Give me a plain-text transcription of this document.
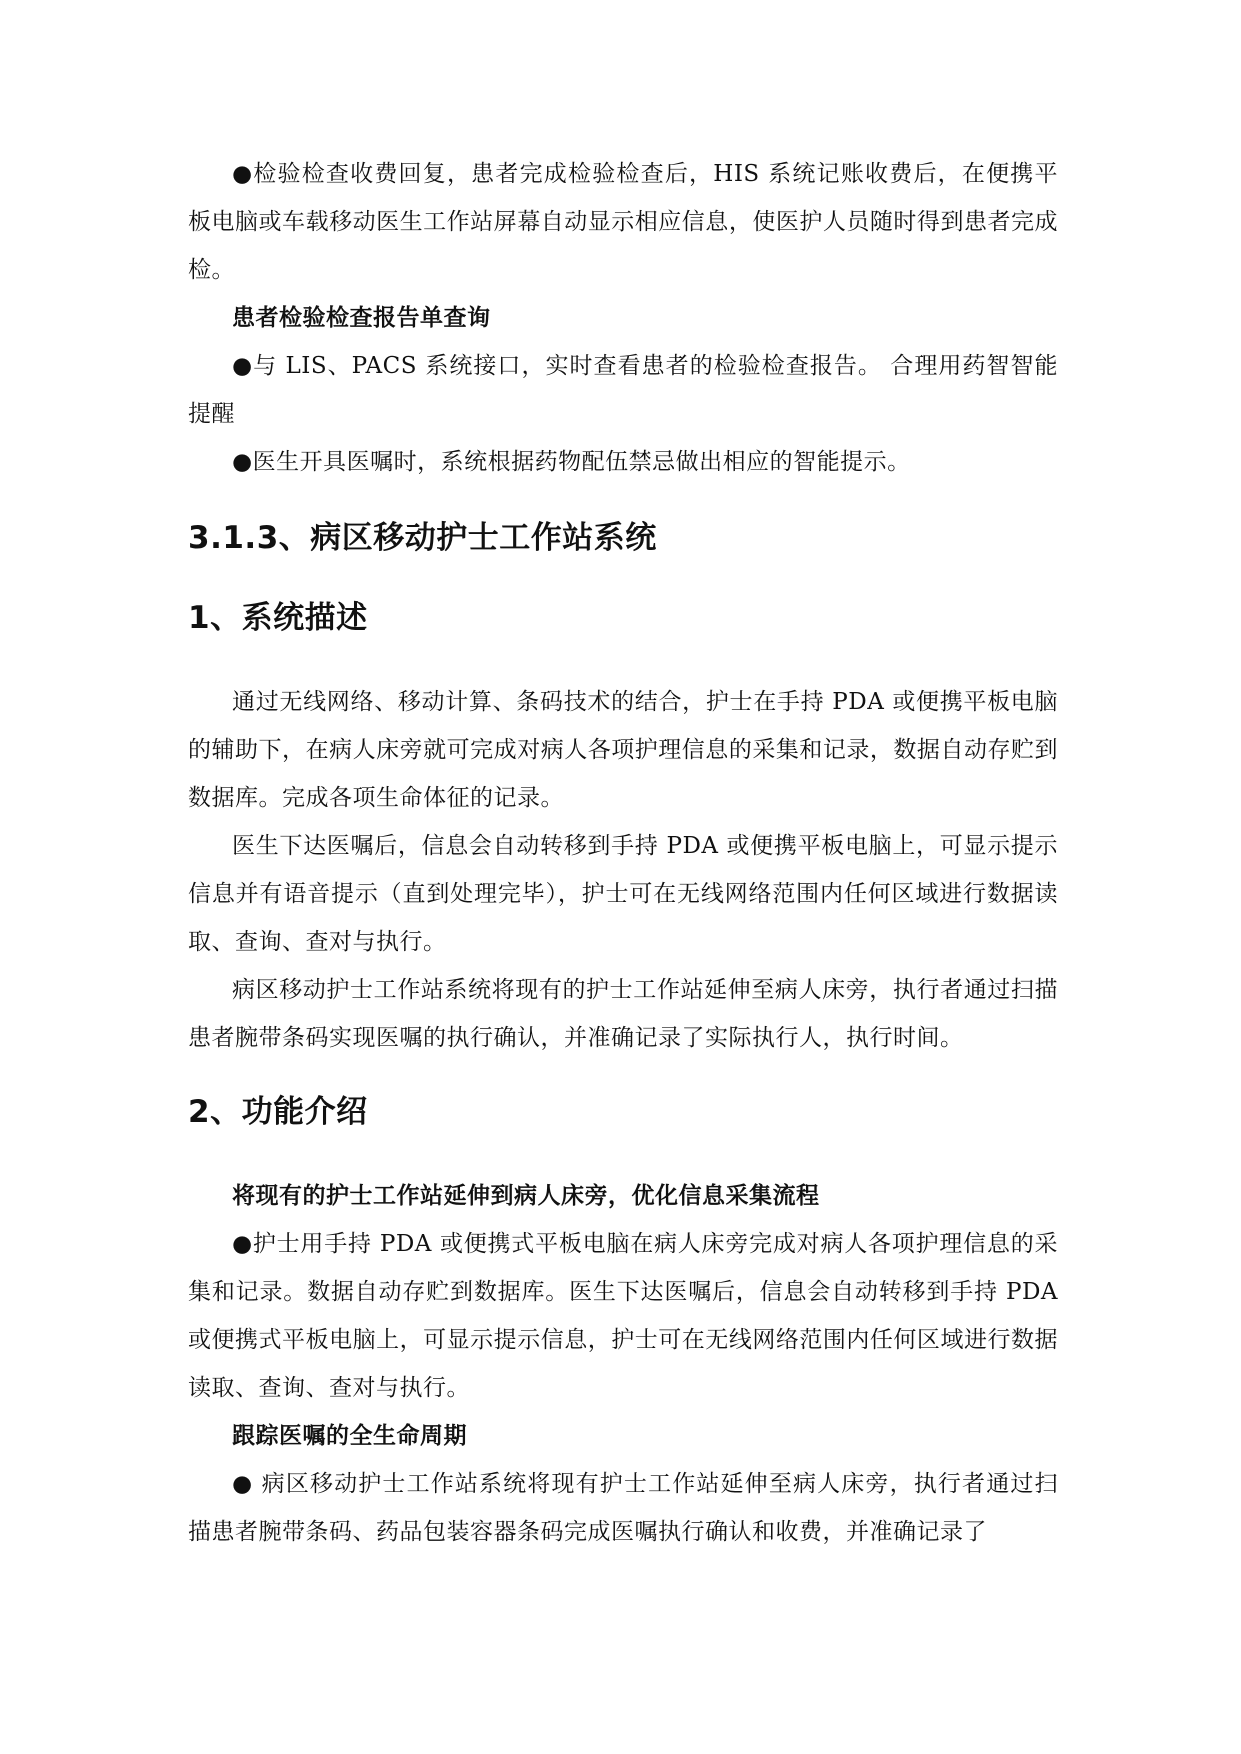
●检验检查收费回复，患者完成检验检查后，HIS 系统记账收费后，在便携平板电脑或车载移动医生工作站屏幕自动显示相应信息，使医护人员随时得到患者完成检。

患者检验检查报告单查询

●与 LIS、PACS 系统接口，实时查看患者的检验检查报告。 合理用药智智能提醒

●医生开具医嘱时，系统根据药物配伍禁忌做出相应的智能提示。

3.1.3、病区移动护士工作站系统
1、系统描述

通过无线网络、移动计算、条码技术的结合，护士在手持 PDA 或便携平板电脑的辅助下，在病人床旁就可完成对病人各项护理信息的采集和记录，数据自动存贮到数据库。完成各项生命体征的记录。

医生下达医嘱后，信息会自动转移到手持 PDA 或便携平板电脑上，可显示提示信息并有语音提示（直到处理完毕），护士可在无线网络范围内任何区域进行数据读取、查询、查对与执行。

病区移动护士工作站系统将现有的护士工作站延伸至病人床旁，执行者通过扫描患者腕带条码实现医嘱的执行确认，并准确记录了实际执行人，执行时间。

2、功能介绍

将现有的护士工作站延伸到病人床旁，优化信息采集流程

●护士用手持 PDA 或便携式平板电脑在病人床旁完成对病人各项护理信息的采集和记录。数据自动存贮到数据库。医生下达医嘱后，信息会自动转移到手持 PDA 或便携式平板电脑上，可显示提示信息，护士可在无线网络范围内任何区域进行数据读取、查询、查对与执行。

跟踪医嘱的全生命周期

● 病区移动护士工作站系统将现有护士工作站延伸至病人床旁，执行者通过扫描患者腕带条码、药品包装容器条码完成医嘱执行确认和收费，并准确记录了
